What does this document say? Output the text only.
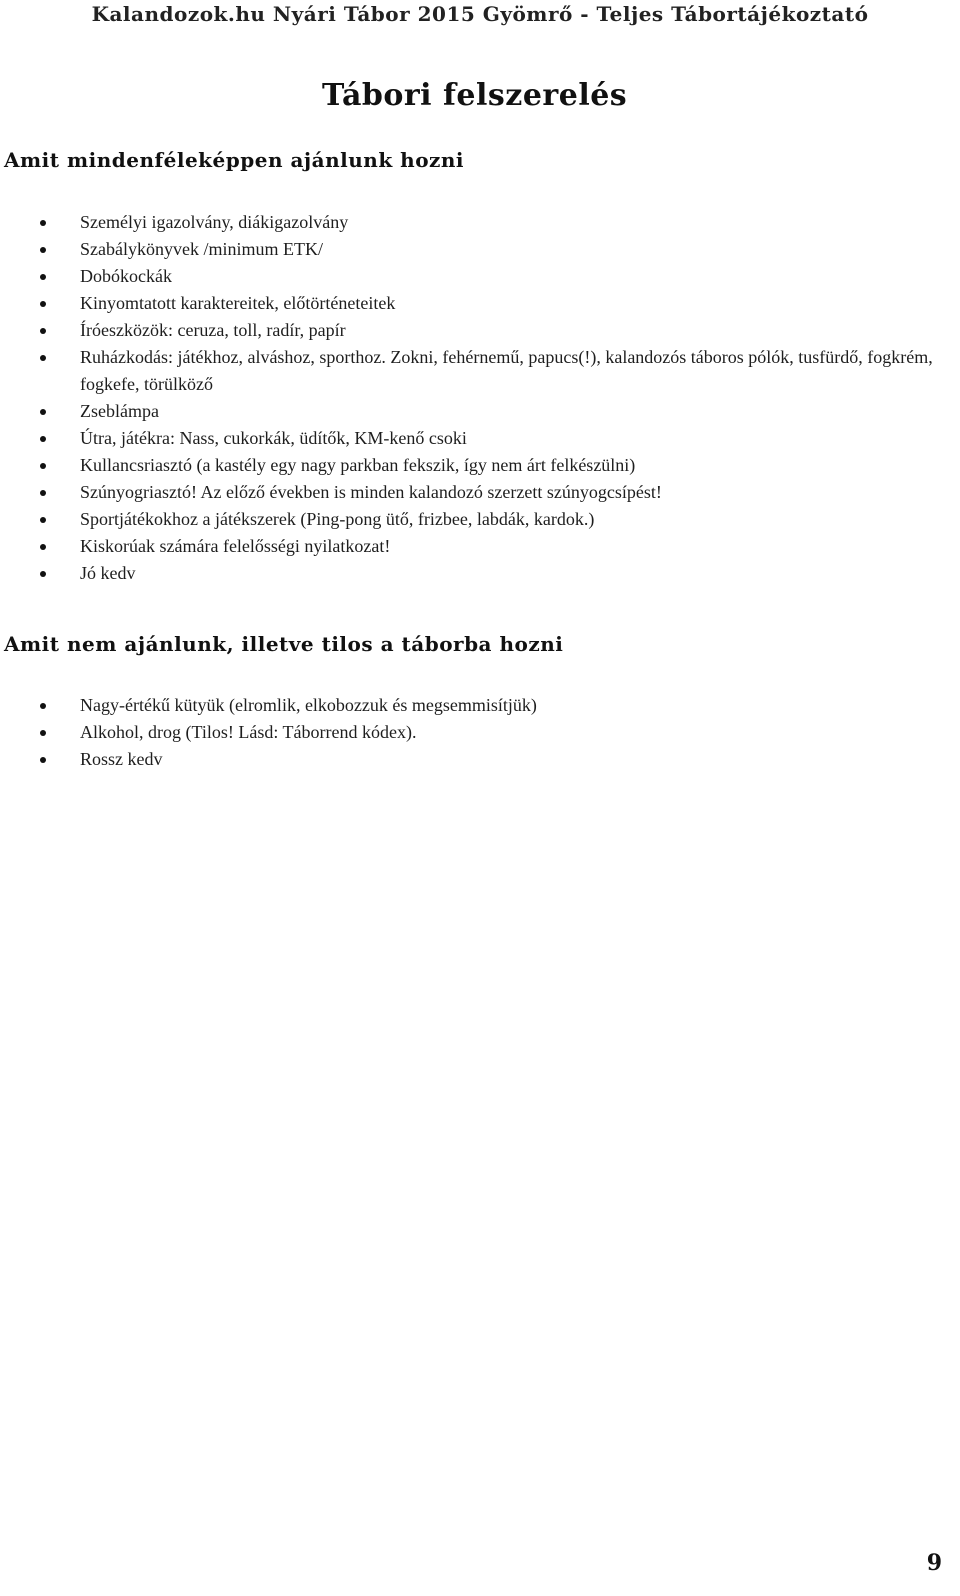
Kalandozok.hu Nyári Tábor 2015 Gyömrő - Teljes Tábortájékoztató
Tábori felszerelés
Amit mindenféleképpen ajánlunk hozni
Személyi igazolvány, diákigazolvány
Szabálykönyvek /minimum ETK/
Dobókockák
Kinyomtatott karaktereitek, előtörténeteitek
Íróeszközök: ceruza, toll, radír, papír
Ruházkodás: játékhoz, alváshoz, sporthoz. Zokni, fehérnemű, papucs(!), kalandozós táboros pólók, tusfürdő, fogkrém, fogkefe, törülköző
Zseblámpa
Útra, játékra: Nass, cukorkák, üdítők, KM-kenő csoki
Kullancsriasztó (a kastély egy nagy parkban fekszik, így nem árt felkészülni)
Szúnyogriasztó! Az előző években is minden kalandozó szerzett szúnyogcsípést!
Sportjátékokhoz a játékszerek (Ping-pong ütő, frizbee, labdák, kardok.)
Kiskorúak számára felelősségi nyilatkozat!
Jó kedv
Amit nem ajánlunk, illetve tilos a táborba hozni
Nagy-értékű kütyük (elromlik, elkobozzuk és megsemmisítjük)
Alkohol, drog (Tilos! Lásd: Táborrend kódex).
Rossz kedv
9
